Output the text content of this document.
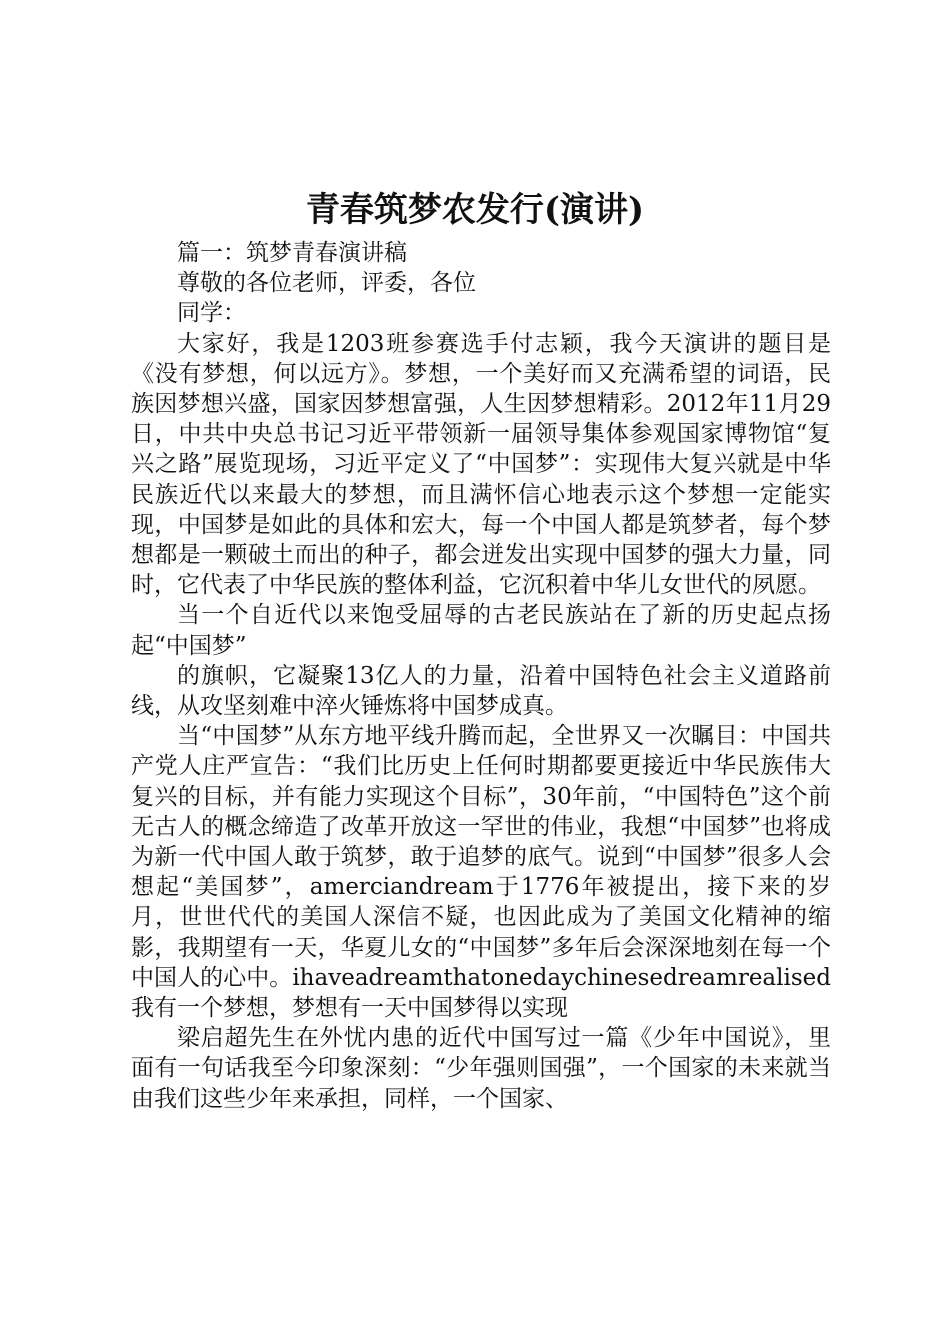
青春筑梦农发行(演讲)

篇一：筑梦青春演讲稿

尊敬的各位老师，评委，各位

同学：

大家好，我是1203班参赛选手付志颖，我今天演讲的题目是《没有梦想，何以远方》。梦想，一个美好而又充满希望的词语，民族因梦想兴盛，国家因梦想富强，人生因梦想精彩。2012年11月29日，中共中央总书记习近平带领新一届领导集体参观国家博物馆“复兴之路”展览现场，习近平定义了“中国梦”：实现伟大复兴就是中华民族近代以来最大的梦想，而且满怀信心地表示这个梦想一定能实现，中国梦是如此的具体和宏大，每一个中国人都是筑梦者，每个梦想都是一颗破土而出的种子，都会迸发出实现中国梦的强大力量，同时，它代表了中华民族的整体利益，它沉积着中华儿女世代的夙愿。

当一个自近代以来饱受屈辱的古老民族站在了新的历史起点扬起“中国梦”

的旗帜，它凝聚13亿人的力量，沿着中国特色社会主义道路前线，从攻坚刻难中淬火锤炼将中国梦成真。

当“中国梦”从东方地平线升腾而起，全世界又一次瞩目：中国共产党人庄严宣告：“我们比历史上任何时期都要更接近中华民族伟大复兴的目标，并有能力实现这个目标”，30年前，“中国特色”这个前无古人的概念缔造了改革开放这一罕世的伟业，我想“中国梦”也将成为新一代中国人敢于筑梦，敢于追梦的底气。说到“中国梦”很多人会想起“美国梦”，amerciandream于1776年被提出，接下来的岁月，世世代代的美国人深信不疑，也因此成为了美国文化精神的缩影，我期望有一天，华夏儿女的“中国梦”多年后会深深地刻在每一个中国人的心中。ihaveadreamthatonedaychinesedreamrealised我有一个梦想，梦想有一天中国梦得以实现

梁启超先生在外忧内患的近代中国写过一篇《少年中国说》，里面有一句话我至今印象深刻：“少年强则国强”，一个国家的未来就当由我们这些少年来承担，同样，一个国家、
